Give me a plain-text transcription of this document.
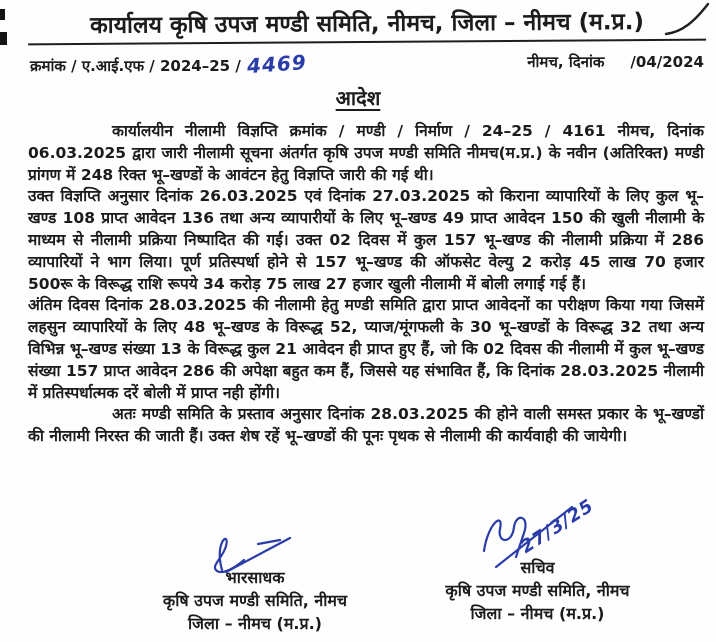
कार्यालय कृषि उपज मण्डी समिति, नीमच, जिला – नीमच (म.प्र.)
क्रमांक / ए.आई.एफ / 2024–25 / 4469	नीमच, दिनांक /04/2024
आदेश

कार्यालयीन नीलामी विज्ञप्ति क्रमांक / मण्डी / निर्माण / 24–25 / 4161 नीमच, दिनांक 06.03.2025 द्वारा जारी नीलामी सूचना अंतर्गत कृषि उपज मण्डी समिति नीमच(म.प्र.) के नवीन (अतिरिक्त) मण्डी प्रांगण में 248 रिक्त भू–खण्डों के आवंटन हेतु विज्ञप्ति जारी की गई थी।

उक्त विज्ञप्ति अनुसार दिनांक 26.03.2025 एवं दिनांक 27.03.2025 को किराना व्यापारियों के लिए कुल भू–खण्ड 108 प्राप्त आवेदन 136 तथा अन्य व्यापारीयों के लिए भू–खण्ड 49 प्राप्त आवेदन 150 की खुली नीलामी के माध्यम से नीलामी प्रक्रिया निष्पादित की गई। उक्त 02 दिवस में कुल 157 भू–खण्ड की नीलामी प्रक्रिया में 286 व्यापारियों ने भाग लिया। पूर्ण प्रतिस्पर्धा होने से 157 भू–खण्ड की ऑफसेट वेल्यु 2 करोड़ 45 लाख 70 हजार 500रू के विरूद्ध राशि रूपये 34 करोड़ 75 लाख 27 हजार खुली नीलामी में बोली लगाई गई हैं।

अंतिम दिवस दिनांक 28.03.2025 की नीलामी हेतु मण्डी समिति द्वारा प्राप्त आवेदनों का परीक्षण किया गया जिसमें लहसुन व्यापारियों के लिए 48 भू–खण्ड के विरूद्ध 52, प्याज/मूंगफली के 30 भू–खण्डों के विरूद्ध 32 तथा अन्य विभिन्न भू–खण्ड संख्या 13 के विरूद्ध कुल 21 आवेदन ही प्राप्त हुए हैं, जो कि 02 दिवस की नीलामी में कुल भू–खण्ड संख्या 157 प्राप्त आवेदन 286 की अपेक्षा बहुत कम हैं, जिससे यह संभावित हैं, कि दिनांक 28.03.2025 नीलामी में प्रतिस्पर्धात्मक दरें बोली में प्राप्त नही होंगी।

अतः मण्डी समिति के प्रस्ताव अनुसार दिनांक 28.03.2025 की होने वाली समस्त प्रकार के भू–खण्डों की नीलामी निरस्त की जाती हैं। उक्त शेष रहें भू–खण्डों की पूनः पृथक से नीलामी की कार्यवाही की जायेगी।

भारसाधक
कृषि उपज मण्डी समिति, नीमच
जिला – नीमच (म.प्र.)
27/3/25
सचिव
कृषि उपज मण्डी समिति, नीमच
जिला – नीमच (म.प्र.)
